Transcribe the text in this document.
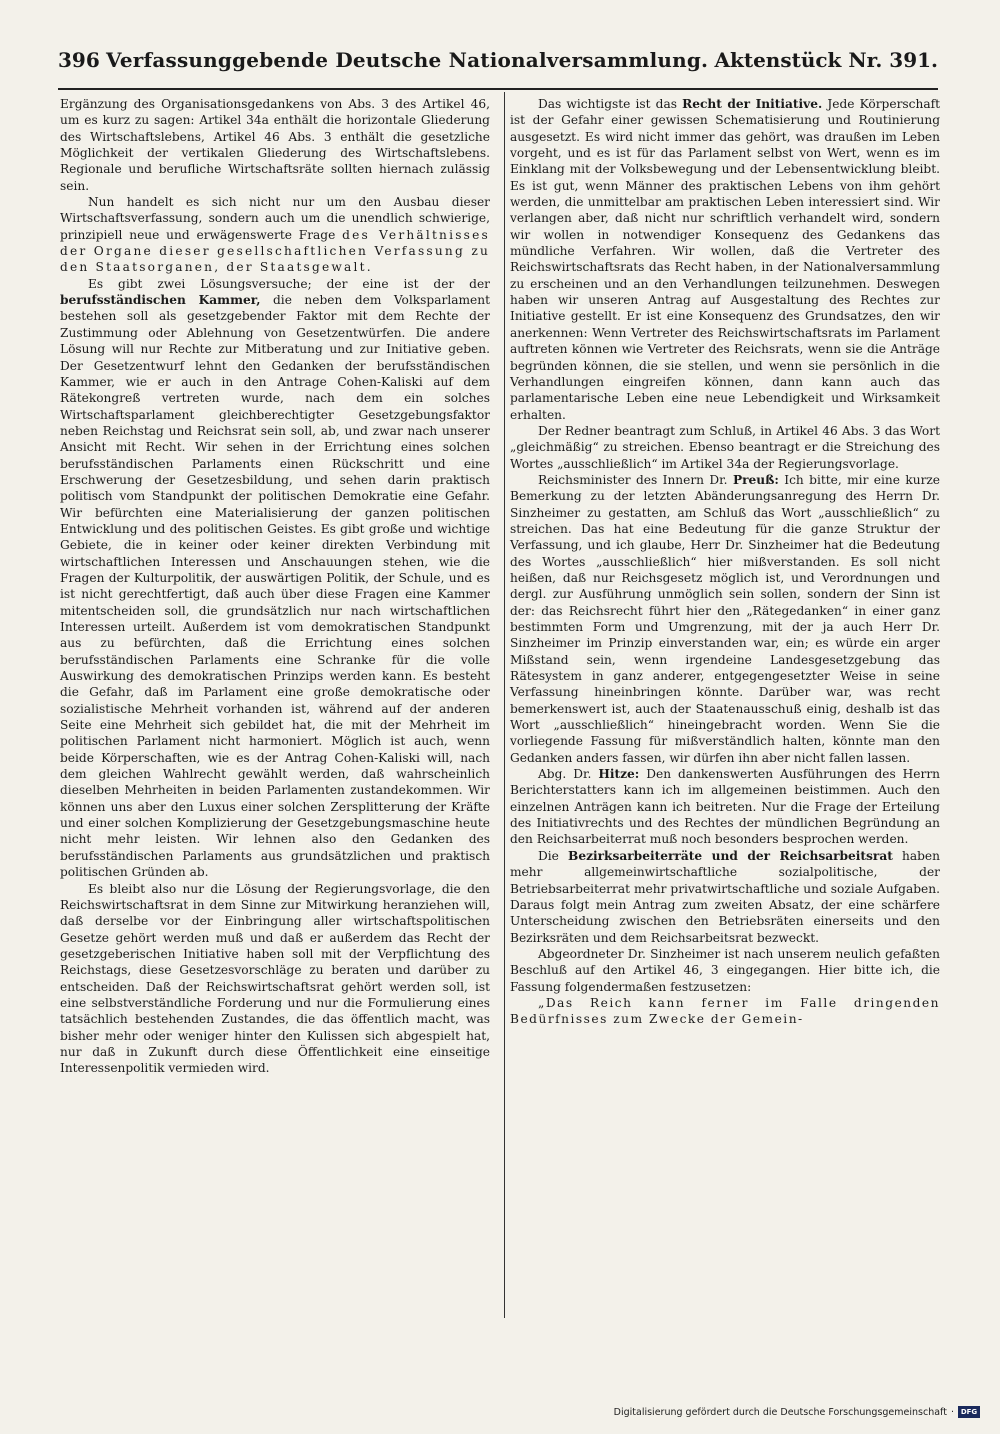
396 Verfassunggebende Deutsche Nationalversammlung. Aktenstück Nr. 391.

Ergänzung des Organisationsgedankens von Abs. 3 des Artikel 46, um es kurz zu sagen: Artikel 34a enthält die horizontale Gliederung des Wirtschaftslebens, Artikel 46 Abs. 3 enthält die gesetzliche Möglichkeit der vertikalen Gliederung des Wirtschaftslebens. Regionale und berufliche Wirtschaftsräte sollten hiernach zulässig sein.

Nun handelt es sich nicht nur um den Ausbau dieser Wirtschaftsverfassung, sondern auch um die unendlich schwierige, prinzipiell neue und erwägenswerte Frage des Verhältnisses der Organe dieser gesellschaftlichen Verfassung zu den Staatsorganen, der Staatsgewalt.

Es gibt zwei Lösungsversuche; der eine ist der der berufsständischen Kammer, die neben dem Volksparlament bestehen soll als gesetzgebender Faktor mit dem Rechte der Zustimmung oder Ablehnung von Gesetzentwürfen. Die andere Lösung will nur Rechte zur Mitberatung und zur Initiative geben. Der Gesetzentwurf lehnt den Gedanken der berufsständischen Kammer, wie er auch in den Antrage Cohen-Kaliski auf dem Rätekongreß vertreten wurde, nach dem ein solches Wirtschaftsparlament gleichberechtigter Gesetzgebungsfaktor neben Reichstag und Reichsrat sein soll, ab, und zwar nach unserer Ansicht mit Recht. Wir sehen in der Errichtung eines solchen berufsständischen Parlaments einen Rückschritt und eine Erschwerung der Gesetzesbildung, und sehen darin praktisch politisch vom Standpunkt der politischen Demokratie eine Gefahr. Wir befürchten eine Materialisierung der ganzen politischen Entwicklung und des politischen Geistes. Es gibt große und wichtige Gebiete, die in keiner oder keiner direkten Verbindung mit wirtschaftlichen Interessen und Anschauungen stehen, wie die Fragen der Kulturpolitik, der auswärtigen Politik, der Schule, und es ist nicht gerechtfertigt, daß auch über diese Fragen eine Kammer mitentscheiden soll, die grundsätzlich nur nach wirtschaftlichen Interessen urteilt. Außerdem ist vom demokratischen Standpunkt aus zu befürchten, daß die Errichtung eines solchen berufsständischen Parlaments eine Schranke für die volle Auswirkung des demokratischen Prinzips werden kann. Es besteht die Gefahr, daß im Parlament eine große demokratische oder sozialistische Mehrheit vorhanden ist, während auf der anderen Seite eine Mehrheit sich gebildet hat, die mit der Mehrheit im politischen Parlament nicht harmoniert. Möglich ist auch, wenn beide Körperschaften, wie es der Antrag Cohen-Kaliski will, nach dem gleichen Wahlrecht gewählt werden, daß wahrscheinlich dieselben Mehrheiten in beiden Parlamenten zustandekommen. Wir können uns aber den Luxus einer solchen Zersplitterung der Kräfte und einer solchen Komplizierung der Gesetzgebungsmaschine heute nicht mehr leisten. Wir lehnen also den Gedanken des berufsständischen Parlaments aus grundsätzlichen und praktisch politischen Gründen ab.

Es bleibt also nur die Lösung der Regierungsvorlage, die den Reichswirtschaftsrat in dem Sinne zur Mitwirkung heranziehen will, daß derselbe vor der Einbringung aller wirtschaftspolitischen Gesetze gehört werden muß und daß er außerdem das Recht der gesetzgeberischen Initiative haben soll mit der Verpflichtung des Reichstags, diese Gesetzesvorschläge zu beraten und darüber zu entscheiden. Daß der Reichswirtschaftsrat gehört werden soll, ist eine selbstverständliche Forderung und nur die Formulierung eines tatsächlich bestehenden Zustandes, die das öffentlich macht, was bisher mehr oder weniger hinter den Kulissen sich abgespielt hat, nur daß in Zukunft durch diese Öffentlichkeit eine einseitige Interessenpolitik vermieden wird.

Das wichtigste ist das Recht der Initiative. Jede Körperschaft ist der Gefahr einer gewissen Schematisierung und Routinierung ausgesetzt. Es wird nicht immer das gehört, was draußen im Leben vorgeht, und es ist für das Parlament selbst von Wert, wenn es im Einklang mit der Volksbewegung und der Lebensentwicklung bleibt. Es ist gut, wenn Männer des praktischen Lebens von ihm gehört werden, die unmittelbar am praktischen Leben interessiert sind. Wir verlangen aber, daß nicht nur schriftlich verhandelt wird, sondern wir wollen in notwendiger Konsequenz des Gedankens das mündliche Verfahren. Wir wollen, daß die Vertreter des Reichswirtschaftsrats das Recht haben, in der Nationalversammlung zu erscheinen und an den Verhandlungen teilzunehmen. Deswegen haben wir unseren Antrag auf Ausgestaltung des Rechtes zur Initiative gestellt. Er ist eine Konsequenz des Grundsatzes, den wir anerkennen: Wenn Vertreter des Reichswirtschaftsrats im Parlament auftreten können wie Vertreter des Reichsrats, wenn sie die Anträge begründen können, die sie stellen, und wenn sie persönlich in die Verhandlungen eingreifen können, dann kann auch das parlamentarische Leben eine neue Lebendigkeit und Wirksamkeit erhalten.

Der Redner beantragt zum Schluß, in Artikel 46 Abs. 3 das Wort „gleichmäßig“ zu streichen. Ebenso beantragt er die Streichung des Wortes „ausschließlich“ im Artikel 34a der Regierungsvorlage.

Reichsminister des Innern Dr. Preuß: Ich bitte, mir eine kurze Bemerkung zu der letzten Abänderungsanregung des Herrn Dr. Sinzheimer zu gestatten, am Schluß das Wort „ausschließlich“ zu streichen. Das hat eine Bedeutung für die ganze Struktur der Verfassung, und ich glaube, Herr Dr. Sinzheimer hat die Bedeutung des Wortes „ausschließlich“ hier mißverstanden. Es soll nicht heißen, daß nur Reichsgesetz möglich ist, und Verordnungen und dergl. zur Ausführung unmöglich sein sollen, sondern der Sinn ist der: das Reichsrecht führt hier den „Rätegedanken“ in einer ganz bestimmten Form und Umgrenzung, mit der ja auch Herr Dr. Sinzheimer im Prinzip einverstanden war, ein; es würde ein arger Mißstand sein, wenn irgendeine Landesgesetzgebung das Rätesystem in ganz anderer, entgegengesetzter Weise in seine Verfassung hineinbringen könnte. Darüber war, was recht bemerkenswert ist, auch der Staatenausschuß einig, deshalb ist das Wort „ausschließlich“ hineingebracht worden. Wenn Sie die vorliegende Fassung für mißverständlich halten, könnte man den Gedanken anders fassen, wir dürfen ihn aber nicht fallen lassen.

Abg. Dr. Hitze: Den dankenswerten Ausführungen des Herrn Berichterstatters kann ich im allgemeinen beistimmen. Auch den einzelnen Anträgen kann ich beitreten. Nur die Frage der Erteilung des Initiativrechts und des Rechtes der mündlichen Begründung an den Reichsarbeiterrat muß noch besonders besprochen werden.

Die Bezirksarbeiterräte und der Reichsarbeitsrat haben mehr allgemeinwirtschaftliche sozialpolitische, der Betriebsarbeiterrat mehr privatwirtschaftliche und soziale Aufgaben. Daraus folgt mein Antrag zum zweiten Absatz, der eine schärfere Unterscheidung zwischen den Betriebsräten einerseits und den Bezirksräten und dem Reichsarbeitsrat bezweckt.

Abgeordneter Dr. Sinzheimer ist nach unserem neulich gefaßten Beschluß auf den Artikel 46, 3 eingegangen. Hier bitte ich, die Fassung folgendermaßen festzusetzen:

„Das Reich kann ferner im Falle dringenden Bedürfnisses zum Zwecke der Gemein-

Digitalisierung gefördert durch die Deutsche Forschungsgemeinschaft · DFG
